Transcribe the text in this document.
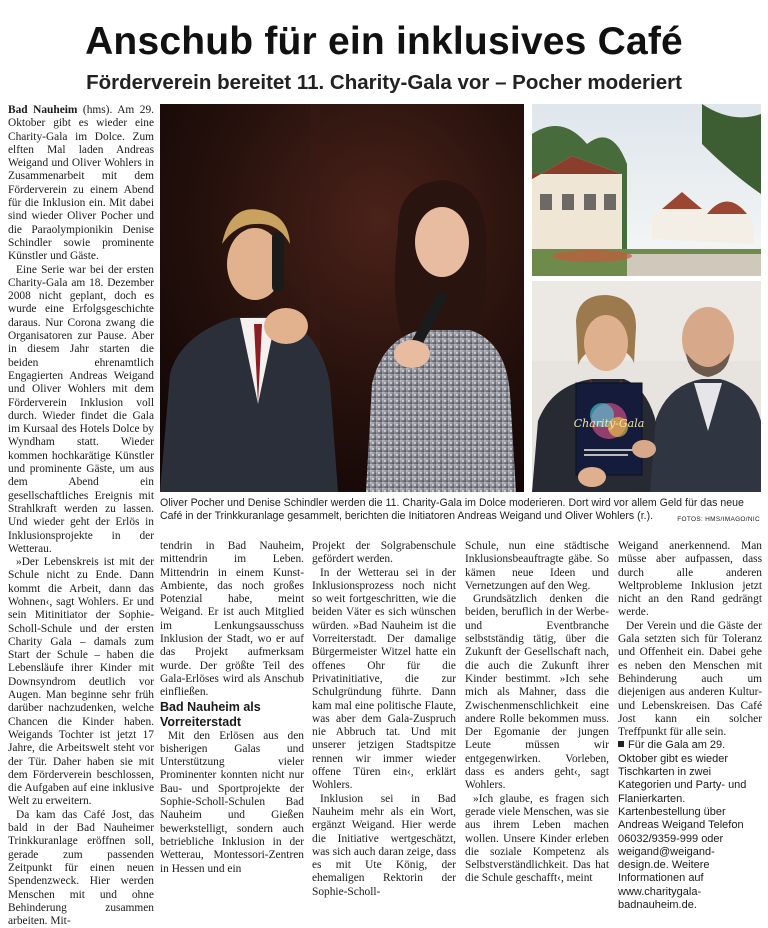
Anschub für ein inklusives Café
Förderverein bereitet 11. Charity-Gala vor – Pocher moderiert

Bad Nauheim (hms). Am 29. Oktober gibt es wieder eine Charity-Gala im Dolce. Zum elften Mal laden Andreas Weigand und Oliver Wohlers in Zusammenarbeit mit dem Förderverein zu einem Abend für die Inklusion ein. Mit dabei sind wieder Oliver Pocher und die Paraolympionikin Denise Schindler sowie prominente Künstler und Gäste.

Eine Serie war bei der ersten Charity-Gala am 18. Dezember 2008 nicht geplant, doch es wurde eine Erfolgsgeschichte daraus. Nur Corona zwang die Organisatoren zur Pause. Aber in diesem Jahr starten die beiden ehrenamtlich Engagierten Andreas Weigand und Oliver Wohlers mit dem Förderverein Inklusion voll durch. Wieder findet die Gala im Kursaal des Hotels Dolce by Wyndham statt. Wieder kommen hochkarätige Künstler und prominente Gäste, um aus dem Abend ein gesellschaftliches Ereignis mit Strahlkraft werden zu lassen. Und wieder geht der Erlös in Inklusionsprojekte in der Wetterau.

»Der Lebenskreis ist mit der Schule nicht zu Ende. Dann kommt die Arbeit, dann das Wohnen‹, sagt Wohlers. Er und sein Mitinitiator der Sophie-Scholl-Schule und der ersten Charity Gala – damals zum Start der Schule – haben die Lebensläufe ihrer Kinder mit Downsyndrom deutlich vor Augen. Man beginne sehr früh darüber nachzudenken, welche Chancen die Kinder haben. Weigands Tochter ist jetzt 17 Jahre, die Arbeitswelt steht vor der Tür. Daher haben sie mit dem Förderverein beschlossen, die Aufgaben auf eine inklusive Welt zu erweitern.

Da kam das Café Jost, das bald in der Bad Nauheimer Trinkkuranlage eröffnen soll, gerade zum passenden Zeitpunkt für einen neuen Spendenzweck. Hier werden Menschen mit und ohne Behinderung zusammen arbeiten. Mit-

Charity-Gala
Oliver Pocher und Denise Schindler werden die 11. Charity-Gala im Dolce moderieren. Dort wird vor allem Geld für das neue Café in der Trinkkuranlage gesammelt, berichten die Initiatoren Andreas Weigand und Oliver Wohlers (r.).	FOTOS: HMS/IMAGO/NIC

tendrin in Bad Nauheim, mittendrin im Leben. Mittendrin in einem Kunst-Ambiente, das noch großes Potenzial habe, meint Weigand. Er ist auch Mitglied im Lenkungsausschuss Inklusion der Stadt, wo er auf das Projekt aufmerksam wurde. Der größte Teil des Gala-Erlöses wird als Anschub einfließen.

Bad Nauheim als Vorreiterstadt

Mit den Erlösen aus den bisherigen Galas und Unterstützung vieler Prominenter konnten nicht nur Bau- und Sportprojekte der Sophie-Scholl-Schulen Bad Nauheim und Gießen bewerkstelligt, sondern auch betriebliche Inklusion in der Wetterau, Montessori-Zentren in Hessen und ein

Projekt der Solgrabenschule gefördert werden.

In der Wetterau sei in der Inklusionsprozess noch nicht so weit fortgeschritten, wie die beiden Väter es sich wünschen würden. »Bad Nauheim ist die Vorreiterstadt. Der damalige Bürgermeister Witzel hatte ein offenes Ohr für die Privatinitiative, die zur Schulgründung führte. Dann kam mal eine politische Flaute, was aber dem Gala-Zuspruch nie Abbruch tat. Und mit unserer jetzigen Stadtspitze rennen wir immer wieder offene Türen ein‹, erklärt Wohlers.

Inklusion sei in Bad Nauheim mehr als ein Wort, ergänzt Weigand. Hier werde die Initiative wertgeschätzt, was sich auch daran zeige, dass es mit Ute König, der ehemaligen Rektorin der Sophie-Scholl-

Schule, nun eine städtische Inklusionsbeauftragte gäbe. So kämen neue Ideen und Vernetzungen auf den Weg.

Grundsätzlich denken die beiden, beruflich in der Werbe- und Eventbranche selbstständig tätig, über die Zukunft der Gesellschaft nach, die auch die Zukunft ihrer Kinder bestimmt. »Ich sehe mich als Mahner, dass die Zwischenmenschlichkeit eine andere Rolle bekommen muss. Der Egomanie der jungen Leute müssen wir entgegenwirken. Vorleben, dass es anders geht‹, sagt Wohlers.

»Ich glaube, es fragen sich gerade viele Menschen, was sie aus ihrem Leben machen wollen. Unsere Kinder erleben die soziale Kompetenz als Selbstverständlichkeit. Das hat die Schule geschafft‹, meint

Weigand anerkennend. Man müsse aber aufpassen, dass durch alle anderen Weltprobleme Inklusion jetzt nicht an den Rand gedrängt werde.

Der Verein und die Gäste der Gala setzten sich für Toleranz und Offenheit ein. Dabei gehe es neben den Menschen mit Behinderung auch um diejenigen aus anderen Kultur- und Lebenskreisen. Das Café Jost kann ein solcher Treffpunkt für alle sein.

Für die Gala am 29. Oktober gibt es wieder Tischkarten in zwei Kategorien und Party- und Flanierkarten. Kartenbestellung über Andreas Weigand Telefon 06032/9359-999 oder weigand@weigand-design.de. Weitere Informationen auf www.charitygala-badnauheim.de.
